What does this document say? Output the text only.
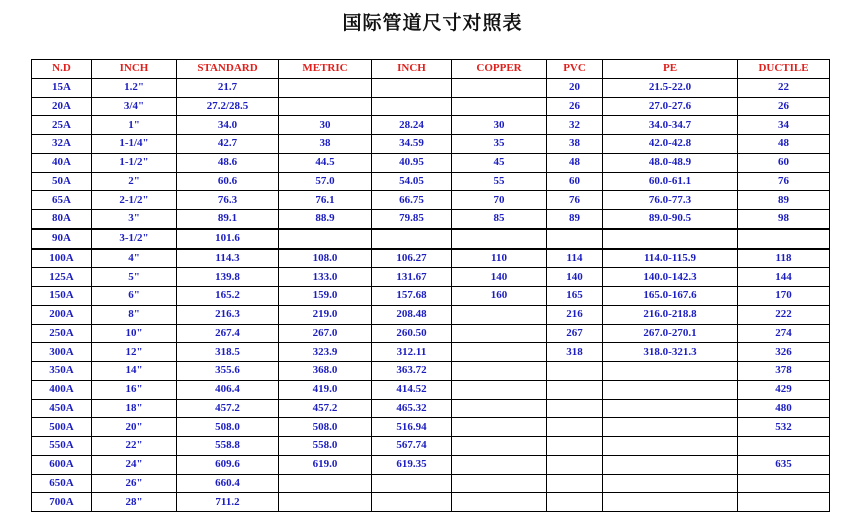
国际管道尺寸对照表
N.D	INCH	STANDARD	METRIC	INCH	COPPER	PVC	PE	DUCTILE
15A	1.2"	21.7				20	21.5-22.0	22
20A	3/4"	27.2/28.5				26	27.0-27.6	26
25A	1"	34.0	30	28.24	30	32	34.0-34.7	34
32A	1-1/4"	42.7	38	34.59	35	38	42.0-42.8	48
40A	1-1/2"	48.6	44.5	40.95	45	48	48.0-48.9	60
50A	2"	60.6	57.0	54.05	55	60	60.0-61.1	76
65A	2-1/2"	76.3	76.1	66.75	70	76	76.0-77.3	89
80A	3"	89.1	88.9	79.85	85	89	89.0-90.5	98
90A	3-1/2"	101.6						
100A	4"	114.3	108.0	106.27	110	114	114.0-115.9	118
125A	5"	139.8	133.0	131.67	140	140	140.0-142.3	144
150A	6"	165.2	159.0	157.68	160	165	165.0-167.6	170
200A	8"	216.3	219.0	208.48		216	216.0-218.8	222
250A	10"	267.4	267.0	260.50		267	267.0-270.1	274
300A	12"	318.5	323.9	312.11		318	318.0-321.3	326
350A	14"	355.6	368.0	363.72				378
400A	16"	406.4	419.0	414.52				429
450A	18"	457.2	457.2	465.32				480
500A	20"	508.0	508.0	516.94				532
550A	22"	558.8	558.0	567.74				
600A	24"	609.6	619.0	619.35				635
650A	26"	660.4						
700A	28"	711.2						
